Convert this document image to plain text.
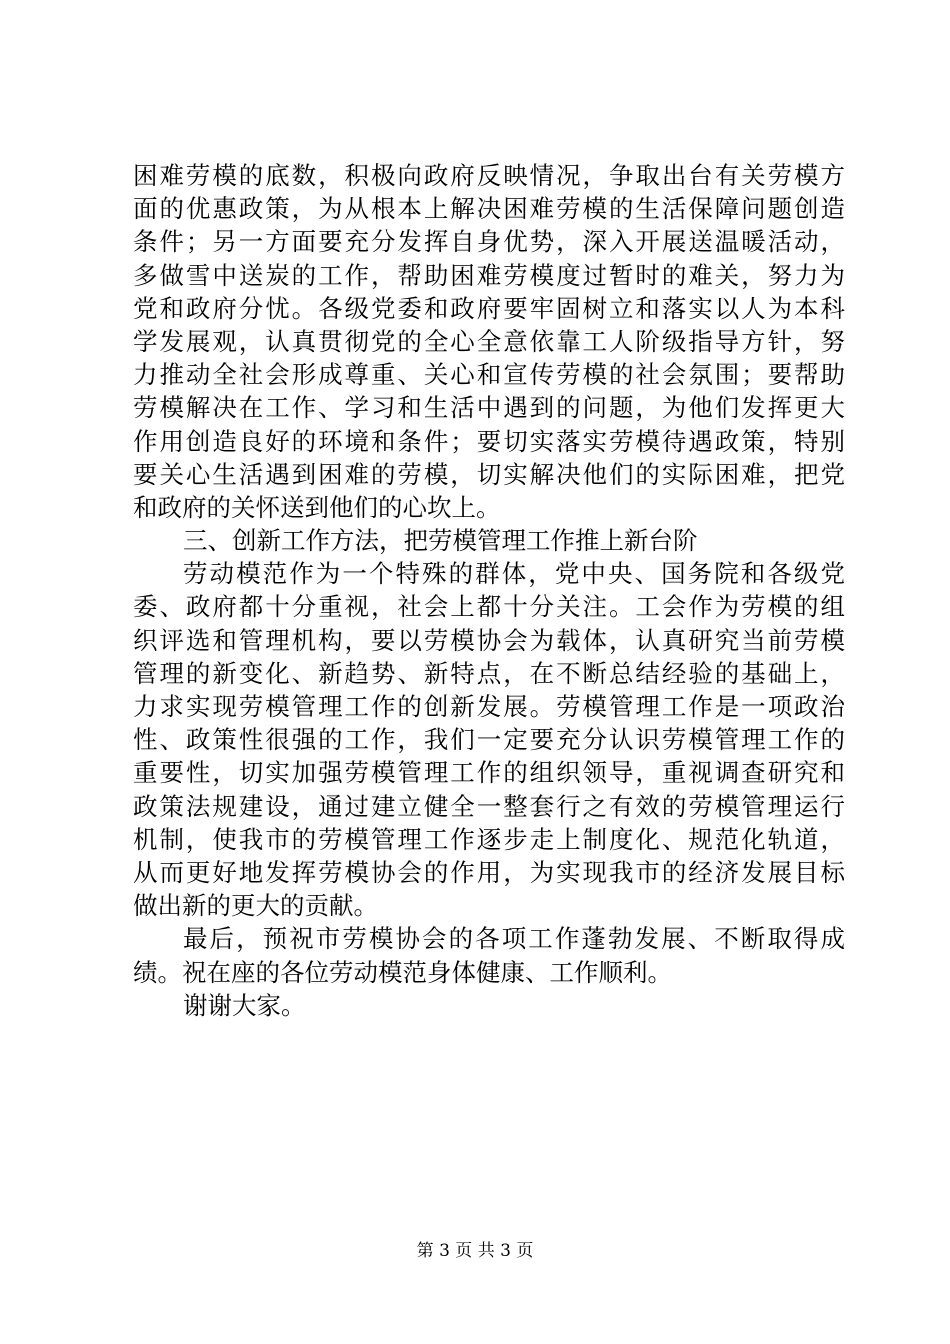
困难劳模的底数，积极向政府反映情况，争取出台有关劳模方
面的优惠政策，为从根本上解决困难劳模的生活保障问题创造
条件；另一方面要充分发挥自身优势，深入开展送温暖活动，
多做雪中送炭的工作，帮助困难劳模度过暂时的难关，努力为
党和政府分忧。各级党委和政府要牢固树立和落实以人为本科
学发展观，认真贯彻党的全心全意依靠工人阶级指导方针，努
力推动全社会形成尊重、关心和宣传劳模的社会氛围；要帮助
劳模解决在工作、学习和生活中遇到的问题，为他们发挥更大
作用创造良好的环境和条件；要切实落实劳模待遇政策，特别
要关心生活遇到困难的劳模，切实解决他们的实际困难，把党
和政府的关怀送到他们的心坎上。
三、创新工作方法，把劳模管理工作推上新台阶
劳动模范作为一个特殊的群体，党中央、国务院和各级党
委、政府都十分重视，社会上都十分关注。工会作为劳模的组
织评选和管理机构，要以劳模协会为载体，认真研究当前劳模
管理的新变化、新趋势、新特点，在不断总结经验的基础上，
力求实现劳模管理工作的创新发展。劳模管理工作是一项政治
性、政策性很强的工作，我们一定要充分认识劳模管理工作的
重要性，切实加强劳模管理工作的组织领导，重视调查研究和
政策法规建设，通过建立健全一整套行之有效的劳模管理运行
机制，使我市的劳模管理工作逐步走上制度化、规范化轨道，
从而更好地发挥劳模协会的作用，为实现我市的经济发展目标
做出新的更大的贡献。
最后，预祝市劳模协会的各项工作蓬勃发展、不断取得成
绩。祝在座的各位劳动模范身体健康、工作顺利。
谢谢大家。
第 3 页 共 3 页
